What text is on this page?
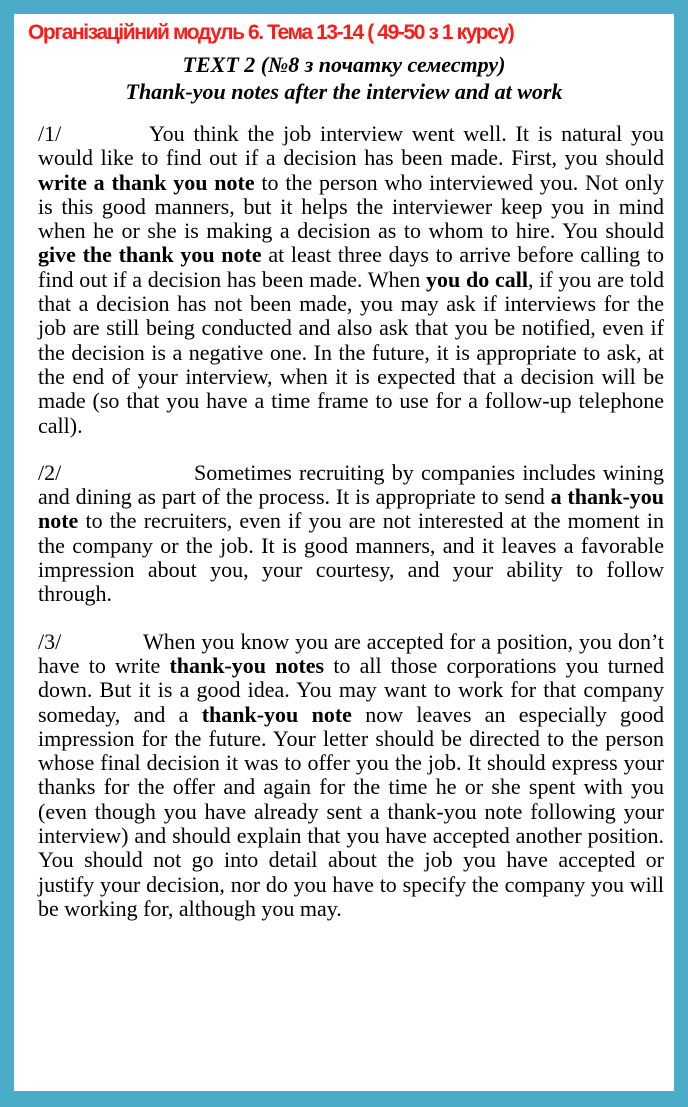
Організаційний модуль 6. Тема 13-14 ( 49-50 з 1 курсу)
TEXT 2 (№8 з початку семестру)
Thank-you notes after the interview and at work

/1/	You think the job interview went well. It is natural you would like to find out if a decision has been made. First, you should write a thank you note to the person who interviewed you. Not only is this good manners, but it helps the interviewer keep you in mind when he or she is making a decision as to whom to hire. You should give the thank you note at least three days to arrive before calling to find out if a decision has been made. When you do call, if you are told that a decision has not been made, you may ask if interviews for the job are still being conducted and also ask that you be notified, even if the decision is a negative one. In the future, it is appropriate to ask, at the end of your interview, when it is expected that a decision will be made (so that you have a time frame to use for a follow-up telephone call).

/2/	Sometimes recruiting by companies includes wining and dining as part of the process. It is appropriate to send a thank-you note to the recruiters, even if you are not interested at the moment in the company or the job. It is good manners, and it leaves a favorable impression about you, your courtesy, and your ability to follow through.

/3/	When you know you are accepted for a position, you don’t have to write thank-you notes to all those corporations you turned down. But it is a good idea. You may want to work for that company someday, and a thank-you note now leaves an especially good impression for the future. Your letter should be directed to the person whose final decision it was to offer you the job. It should express your thanks for the offer and again for the time he or she spent with you (even though you have already sent a thank-you note following your interview) and should explain that you have accepted another position. You should not go into detail about the job you have accepted or justify your decision, nor do you have to specify the company you will be working for, although you may.
